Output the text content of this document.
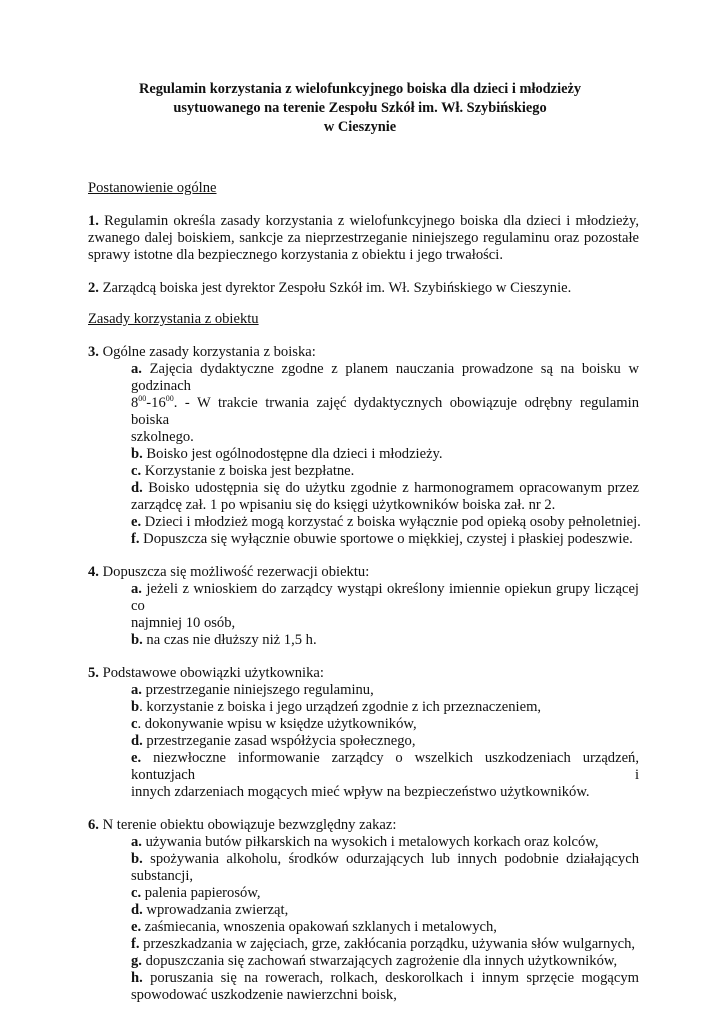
Regulamin korzystania z wielofunkcyjnego boiska dla dzieci i młodzieży
usytuowanego na terenie Zespołu Szkół im. Wł. Szybińskiego
w Cieszynie

Postanowienie ogólne

1. Regulamin określa zasady korzystania z wielofunkcyjnego boiska dla dzieci i młodzieży,

zwanego dalej boiskiem, sankcje za nieprzestrzeganie niniejszego regulaminu oraz pozostałe

sprawy istotne dla bezpiecznego korzystania z obiektu i jego trwałości.

2. Zarządcą boiska jest dyrektor Zespołu Szkół im. Wł. Szybińskiego w Cieszynie.

Zasady korzystania z obiektu

3. Ogólne zasady korzystania z boiska:

a. Zajęcia dydaktyczne zgodne z planem nauczania prowadzone są na boisku w godzinach

$8^{00}-16^{00}$. - W trakcie trwania zajęć dydaktycznych obowiązuje odrębny regulamin boiska

szkolnego.

b. Boisko jest ogólnodostępne dla dzieci i młodzieży.

c. Korzystanie z boiska jest bezpłatne.

d. Boisko udostępnia się do użytku zgodnie z harmonogramem opracowanym przez

zarządcę zał. 1 po wpisaniu się do księgi użytkowników boiska zał. nr 2.

e. Dzieci i młodzież mogą korzystać z boiska wyłącznie pod opieką osoby pełnoletniej.

f. Dopuszcza się wyłącznie obuwie sportowe o miękkiej, czystej i płaskiej podeszwie.

4. Dopuszcza się możliwość rezerwacji obiektu:

a. jeżeli z wnioskiem do zarządcy wystąpi określony imiennie opiekun grupy liczącej co

najmniej 10 osób,

b. na czas nie dłuższy niż 1,5 h.

5. Podstawowe obowiązki użytkownika:

a. przestrzeganie niniejszego regulaminu,

b. korzystanie z boiska i jego urządzeń zgodnie z ich przeznaczeniem,

c. dokonywanie wpisu w księdze użytkowników,

d. przestrzeganie zasad współżycia społecznego,

e. niezwłoczne informowanie zarządcy o wszelkich uszkodzeniach urządzeń, kontuzjach i

innych zdarzeniach mogących mieć wpływ na bezpieczeństwo użytkowników.

6. N terenie obiektu obowiązuje bezwzględny zakaz:

a. używania butów piłkarskich na wysokich i metalowych korkach oraz kolców,

b. spożywania alkoholu, środków odurzających lub innych podobnie działających

substancji,

c. palenia papierosów,

d. wprowadzania zwierząt,

e. zaśmiecania, wnoszenia opakowań szklanych i metalowych,

f. przeszkadzania w zajęciach, grze, zakłócania porządku, używania słów wulgarnych,

g. dopuszczania się zachowań stwarzających zagrożenie dla innych użytkowników,

h. poruszania się na rowerach, rolkach, deskorolkach i innym sprzęcie mogącym

spowodować uszkodzenie nawierzchni boisk,
